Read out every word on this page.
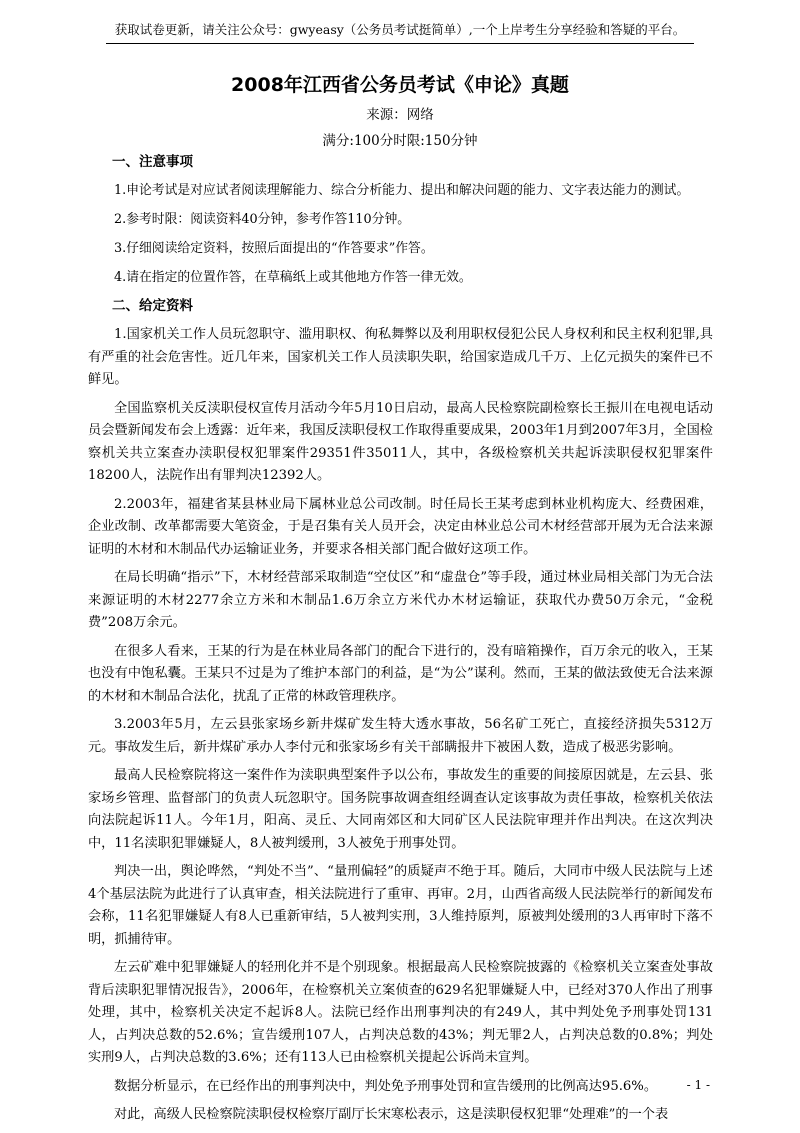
获取试卷更新，请关注公众号：gwyeasy（公务员考试挺简单）,一个上岸考生分享经验和答疑的平台。
2008年江西省公务员考试《申论》真题
来源：网络
满分:100分时限:150分钟
一、注意事项

1.申论考试是对应试者阅读理解能力、综合分析能力、提出和解决问题的能力、文字表达能力的测试。

2.参考时限：阅读资料40分钟，参考作答110分钟。

3.仔细阅读给定资料，按照后面提出的“作答要求”作答。

4.请在指定的位置作答，在草稿纸上或其他地方作答一律无效。

二、给定资料

1.国家机关工作人员玩忽职守、滥用职权、徇私舞弊以及利用职权侵犯公民人身权利和民主权利犯罪,具有严重的社会危害性。近几年来，国家机关工作人员渎职失职，给国家造成几千万、上亿元损失的案件已不鲜见。

全国监察机关反渎职侵权宣传月活动今年5月10日启动，最高人民检察院副检察长王振川在电视电话动员会暨新闻发布会上透露：近年来，我国反渎职侵权工作取得重要成果，2003年1月到2007年3月，全国检察机关共立案查办渎职侵权犯罪案件29351件35011人，其中，各级检察机关共起诉渎职侵权犯罪案件18200人，法院作出有罪判决12392人。

2.2003年，福建省某县林业局下属林业总公司改制。时任局长王某考虑到林业机构庞大、经费困难，企业改制、改革都需要大笔资金，于是召集有关人员开会，决定由林业总公司木材经营部开展为无合法来源证明的木材和木制品代办运输证业务，并要求各相关部门配合做好这项工作。

在局长明确“指示”下，木材经营部采取制造“空仗区”和“虚盘仓”等手段，通过林业局相关部门为无合法来源证明的木材2277余立方米和木制品1.6万余立方米代办木材运输证，获取代办费50万余元，“金税费”208万余元。

在很多人看来，王某的行为是在林业局各部门的配合下进行的，没有暗箱操作，百万余元的收入，王某也没有中饱私囊。王某只不过是为了维护本部门的利益，是“为公”谋利。然而，王某的做法致使无合法来源的木材和木制品合法化，扰乱了正常的林政管理秩序。

3.2003年5月，左云县张家场乡新井煤矿发生特大透水事故，56名矿工死亡，直接经济损失5312万元。事故发生后，新井煤矿承办人李付元和张家场乡有关干部瞒报井下被困人数，造成了极恶劣影响。

最高人民检察院将这一案件作为渎职典型案件予以公布，事故发生的重要的间接原因就是，左云县、张家场乡管理、监督部门的负责人玩忽职守。国务院事故调查组经调查认定该事故为责任事故，检察机关依法向法院起诉11人。今年1月，阳高、灵丘、大同南郊区和大同矿区人民法院审理并作出判决。在这次判决中，11名渎职犯罪嫌疑人，8人被判缓刑，3人被免于刑事处罚。

判决一出，舆论哗然，“判处不当”、“量刑偏轻”的质疑声不绝于耳。随后，大同市中级人民法院与上述4个基层法院为此进行了认真审查，相关法院进行了重审、再审。2月，山西省高级人民法院举行的新闻发布会称，11名犯罪嫌疑人有8人已重新审结，5人被判实刑，3人维持原判，原被判处缓刑的3人再审时下落不明，抓捕待审。

左云矿难中犯罪嫌疑人的轻刑化并不是个别现象。根据最高人民检察院披露的《检察机关立案查处事故背后渎职犯罪情况报告》，2006年，在检察机关立案侦查的629名犯罪嫌疑人中，已经对370人作出了刑事处理，其中，检察机关决定不起诉8人。法院已经作出刑事判决的有249人，其中判处免予刑事处罚131人，占判决总数的52.6%；宣告缓刑107人，占判决总数的43%；判无罪2人，占判决总数的0.8%；判处实刑9人，占判决总数的3.6%；还有113人已由检察机关提起公诉尚未宣判。

数据分析显示，在已经作出的刑事判决中，判处免予刑事处罚和宣告缓刑的比例高达95.6%。

对此，高级人民检察院渎职侵权检察厅副厅长宋寒松表示，这是渎职侵权犯罪“处理难”的一个表

- 1 -
